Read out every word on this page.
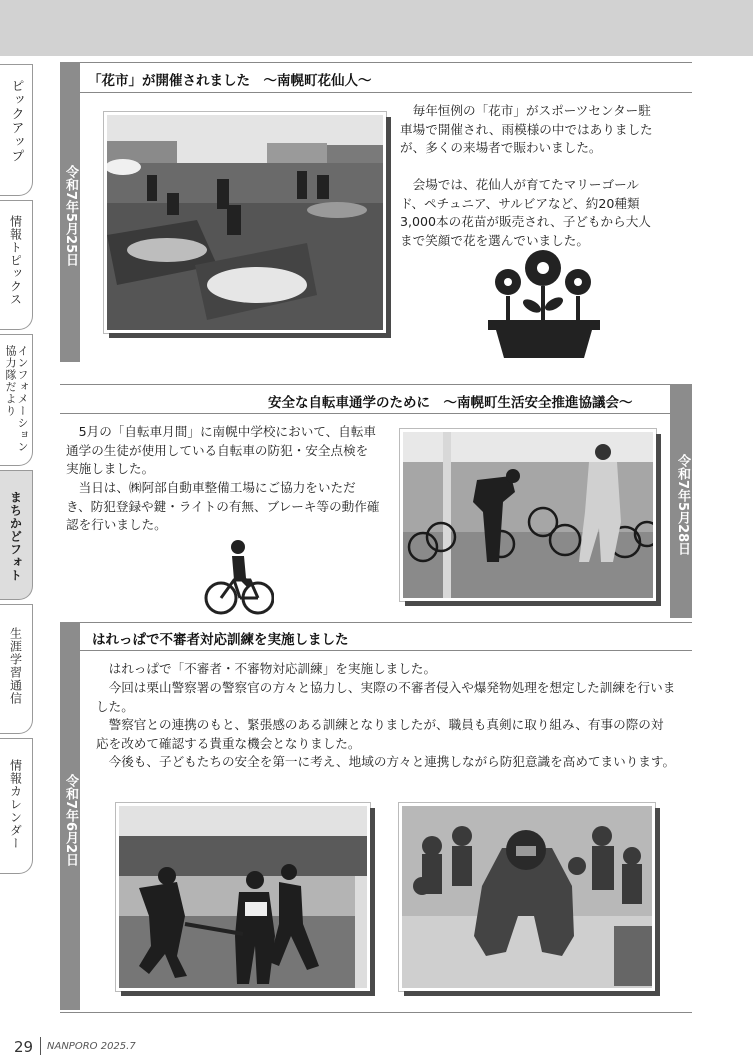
ピックアップ
情報トピックス
インフォメーション
協力隊だより
まちかどフォト
生涯学習通信
情報カレンダー
令和7年5月25日
「花市」が開催されました　〜南幌町花仙人〜

毎年恒例の「花市」がスポーツセンター駐車場で開催され、雨模様の中ではありましたが、多くの来場者で賑わいました。

会場では、花仙人が育てたマリーゴールド、ペチュニア、サルビアなど、約20種類3,000本の花苗が販売され、子どもから大人まで笑顔で花を選んでいました。

令和7年5月28日
安全な自転車通学のために　〜南幌町生活安全推進協議会〜

5月の「自転車月間」に南幌中学校において、自転車通学の生徒が使用している自転車の防犯・安全点検を実施しました。

当日は、㈱阿部自動車整備工場にご協力をいただき、防犯登録や鍵・ライトの有無、ブレーキ等の動作確認を行いました。

令和7年6月2日
はれっぱで不審者対応訓練を実施しました

はれっぱで「不審者・不審物対応訓練」を実施しました。

今回は栗山警察署の警察官の方々と協力し、実際の不審者侵入や爆発物処理を想定した訓練を行いました。

警察官との連携のもと、緊張感のある訓練となりましたが、職員も真剣に取り組み、有事の際の対応を改めて確認する貴重な機会となりました。

今後も、子どもたちの安全を第一に考え、地域の方々と連携しながら防犯意識を高めてまいります。

29 NANPORO 2025.7
